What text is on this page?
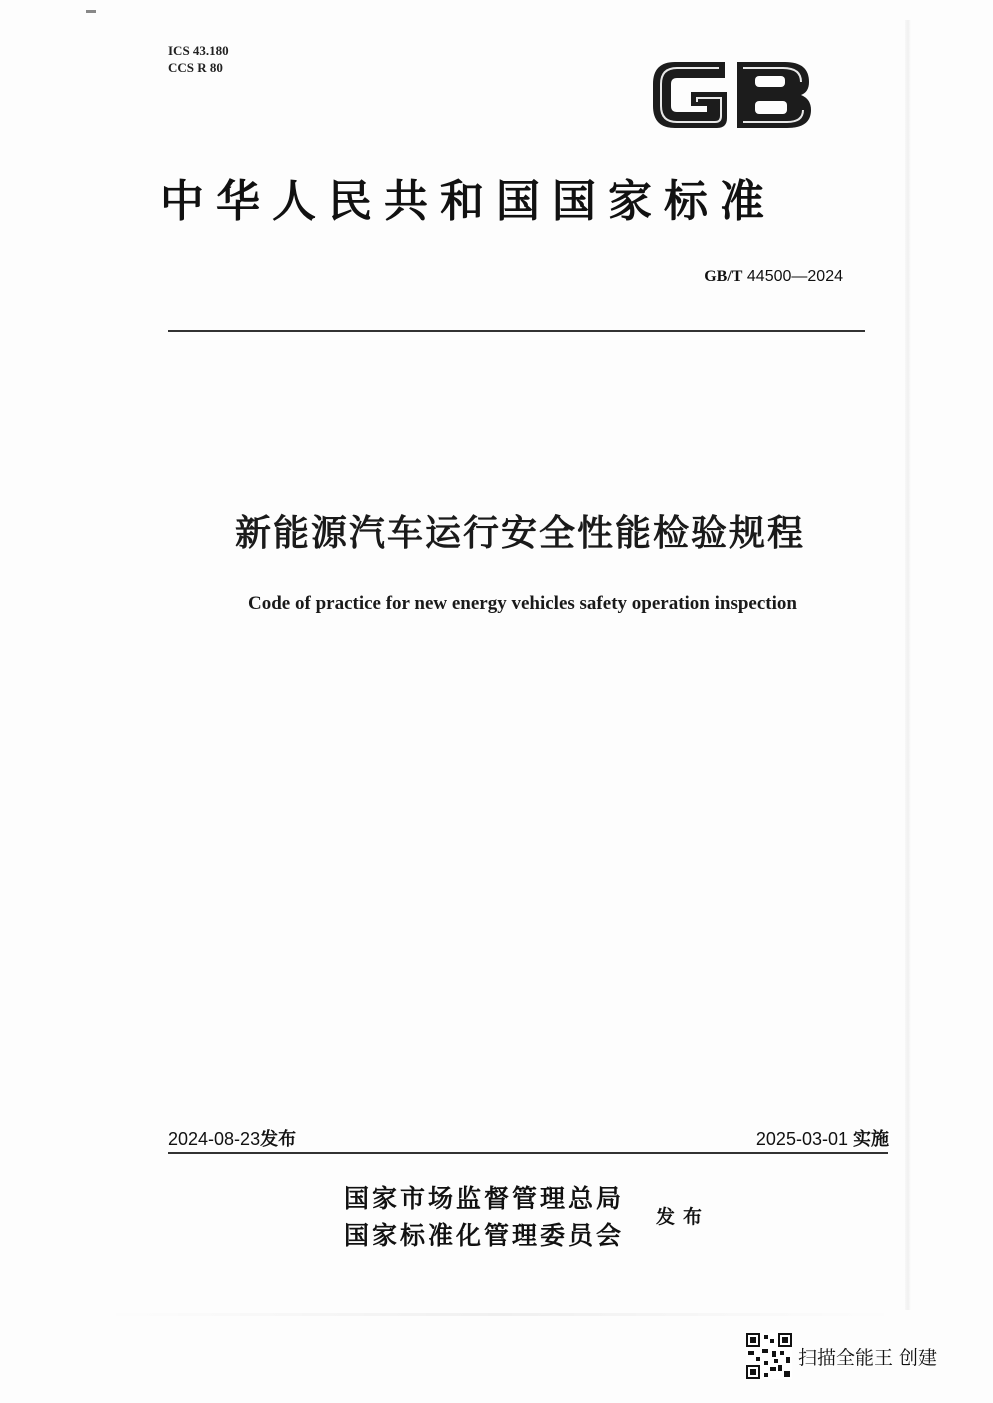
ICS 43.180
CCS R 80
中华人民共和国国家标准
GB/T 44500—2024
新能源汽车运行安全性能检验规程
Code of practice for new energy vehicles safety operation inspection
2024-08-23发布	2025-03-01 实施
国家市场监督管理总局
国家标准化管理委员会
发布
扫描全能王 创建
